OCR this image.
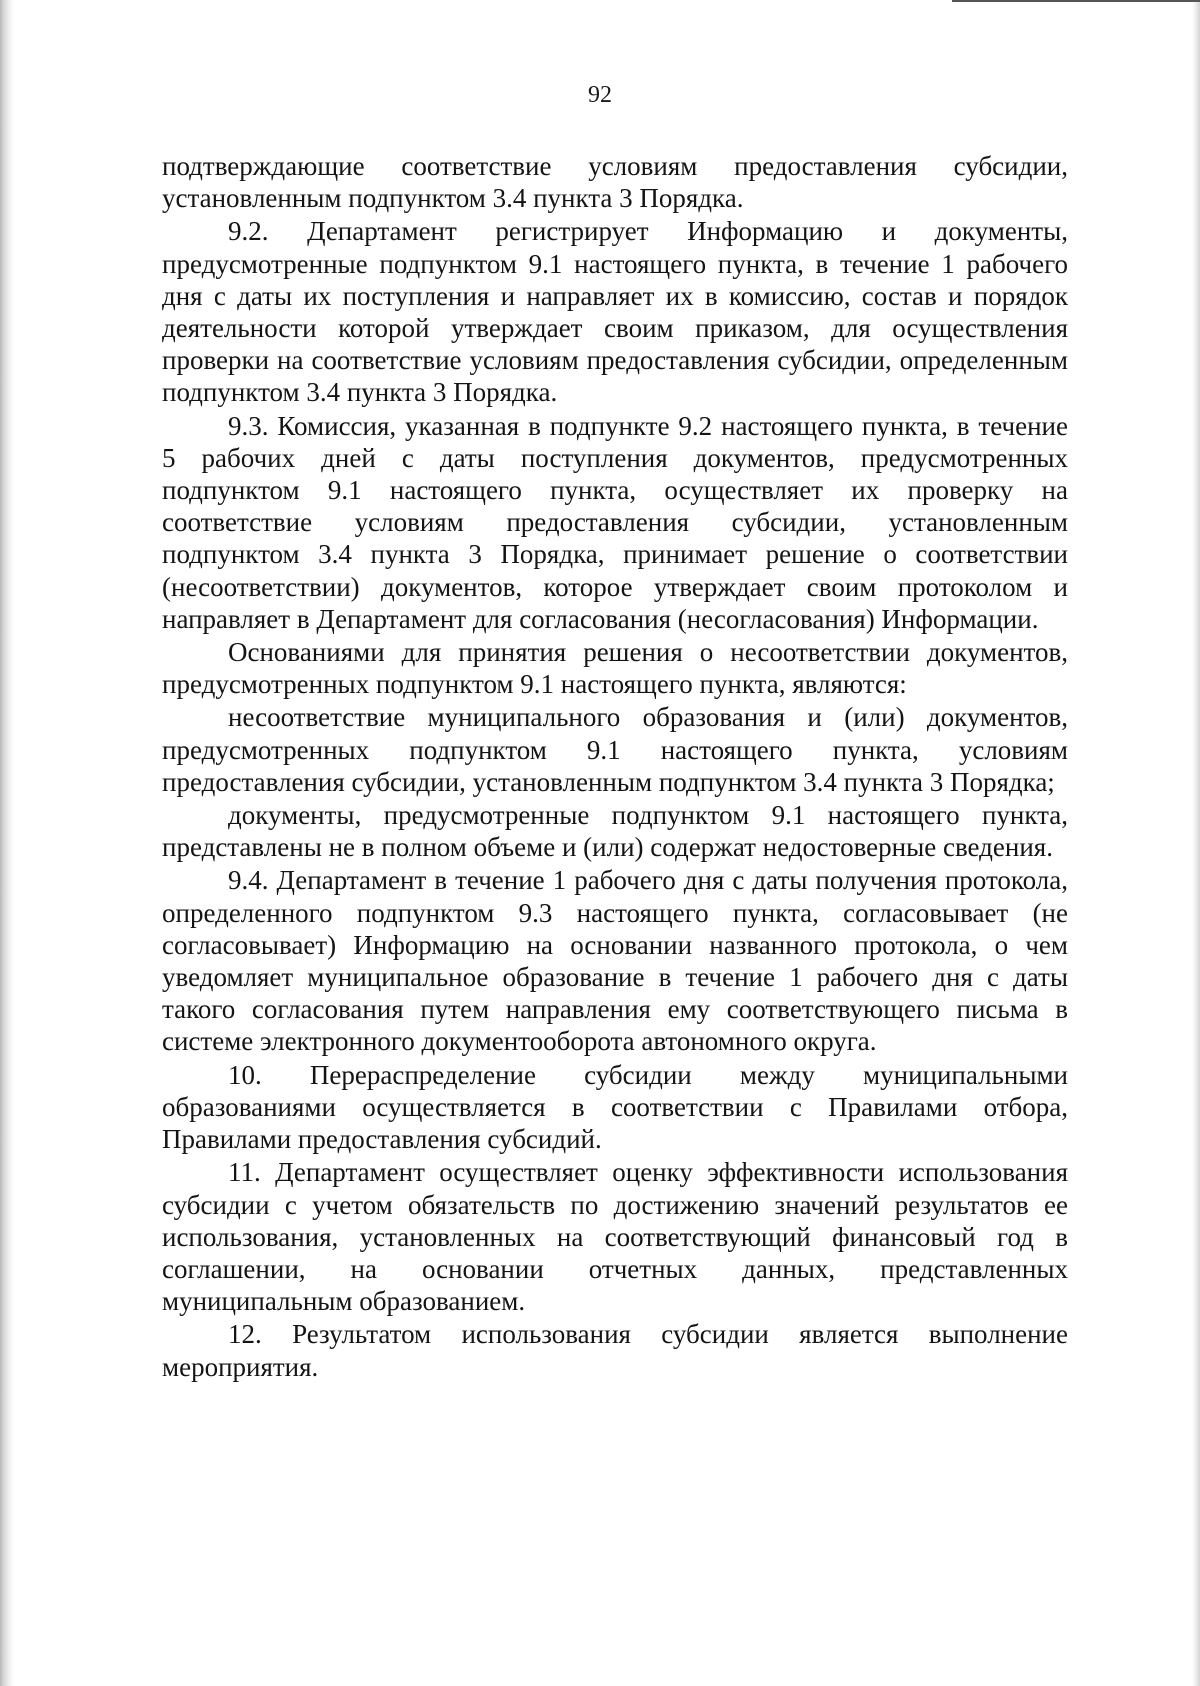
92

подтверждающие соответствие условиям предоставления субсидии, установленным подпунктом 3.4 пункта 3 Порядка.

9.2. Департамент регистрирует Информацию и документы, предусмотренные подпунктом 9.1 настоящего пункта, в течение 1 рабочего дня с даты их поступления и направляет их в комиссию, состав и порядок деятельности которой утверждает своим приказом, для осуществления проверки на соответствие условиям предоставления субсидии, определенным подпунктом 3.4 пункта 3 Порядка.

9.3. Комиссия, указанная в подпункте 9.2 настоящего пункта, в течение 5 рабочих дней с даты поступления документов, предусмотренных подпунктом 9.1 настоящего пункта, осуществляет их проверку на соответствие условиям предоставления субсидии, установленным подпунктом 3.4 пункта 3 Порядка, принимает решение о соответствии (несоответствии) документов, которое утверждает своим протоколом и направляет в Департамент для согласования (несогласования) Информации.

Основаниями для принятия решения о несоответствии документов, предусмотренных подпунктом 9.1 настоящего пункта, являются:

несоответствие муниципального образования и (или) документов, предусмотренных подпунктом 9.1 настоящего пункта, условиям предоставления субсидии, установленным подпунктом 3.4 пункта 3 Порядка;

документы, предусмотренные подпунктом 9.1 настоящего пункта, представлены не в полном объеме и (или) содержат недостоверные сведения.

9.4. Департамент в течение 1 рабочего дня с даты получения протокола, определенного подпунктом 9.3 настоящего пункта, согласовывает (не согласовывает) Информацию на основании названного протокола, о чем уведомляет муниципальное образование в течение 1 рабочего дня с даты такого согласования путем направления ему соответствующего письма в системе электронного документооборота автономного округа.

10. Перераспределение субсидии между муниципальными образованиями осуществляется в соответствии с Правилами отбора, Правилами предоставления субсидий.

11. Департамент осуществляет оценку эффективности использования субсидии с учетом обязательств по достижению значений результатов ее использования, установленных на соответствующий финансовый год в соглашении, на основании отчетных данных, представленных муниципальным образованием.

12. Результатом использования субсидии является выполнение мероприятия.
